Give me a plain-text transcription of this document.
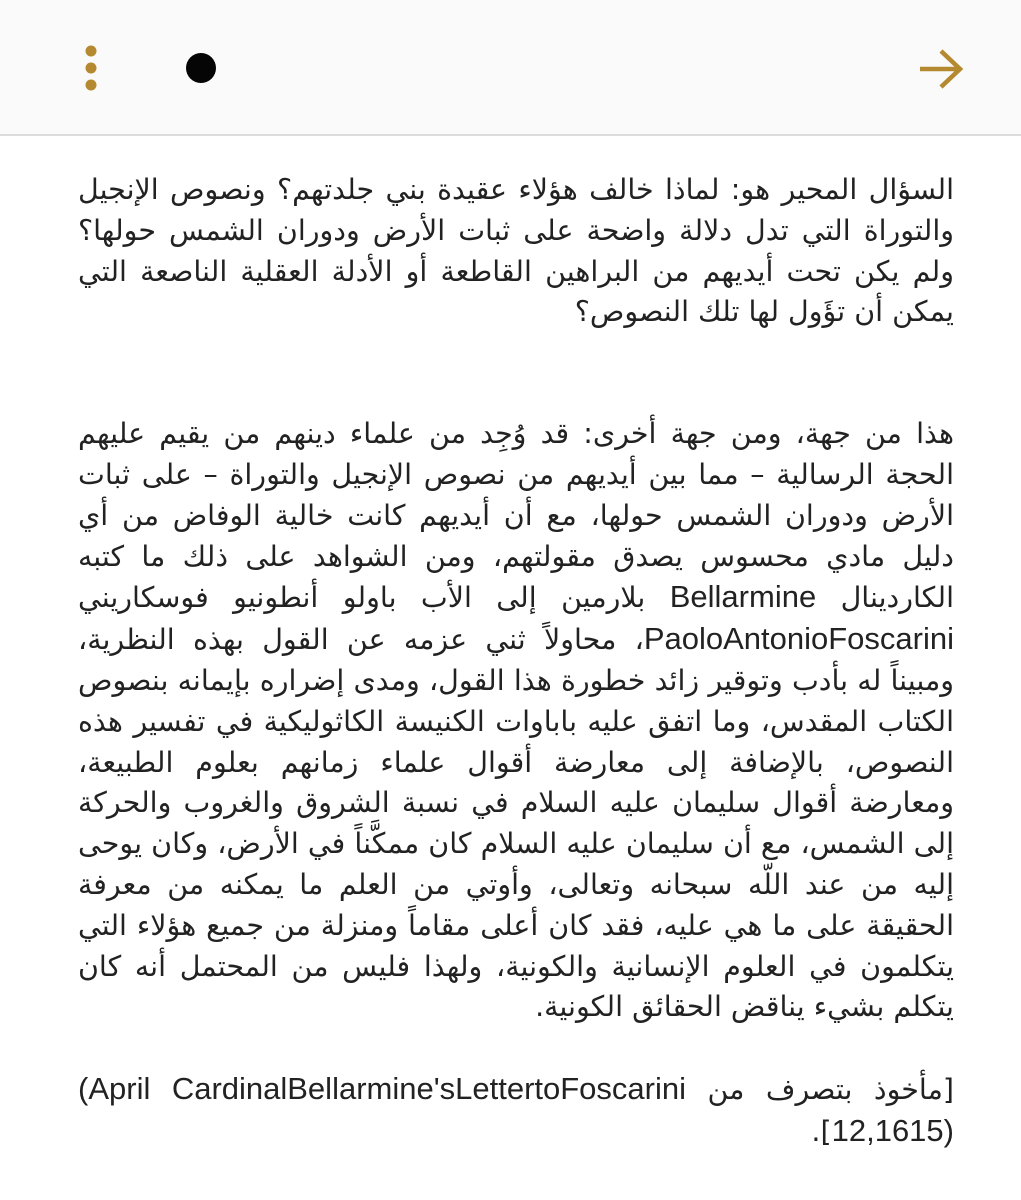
السؤال المحير هو: لماذا خالف هؤلاء عقيدة بني جلدتهم؟ ونصوص الإنجيل والتوراة التي تدل دلالة واضحة على ثبات الأرض ودوران الشمس حولها؟ ولم يكن تحت أيديهم من البراهين القاطعة أو الأدلة العقلية الناصعة التي يمكن أن تؤَول لها تلك النصوص؟

هذا من جهة، ومن جهة أخرى: قد وُجِد من علماء دينهم من يقيم عليهم الحجة الرسالية – مما بين أيديهم من نصوص الإنجيل والتوراة – على ثبات الأرض ودوران الشمس حولها، مع أن أيديهم كانت خالية الوفاض من أي دليل مادي محسوس يصدق مقولتهم، ومن الشواهد على ذلك ما كتبه الكاردينال Bellarmine بلارمين إلى الأب باولو أنطونيو فوسكاريني PaoloAntonioFoscarini، محاولاً ثني عزمه عن القول بهذه النظرية، ومبيناً له بأدب وتوقير زائد خطورة هذا القول، ومدى إضراره بإيمانه بنصوص الكتاب المقدس، وما اتفق عليه باباوات الكنيسة الكاثوليكية في تفسير هذه النصوص، بالإضافة إلى معارضة أقوال علماء زمانهم بعلوم الطبيعة، ومعارضة أقوال سليمان عليه السلام في نسبة الشروق والغروب والحركة إلى الشمس، مع أن سليمان عليه السلام كان ممكَّناً في الأرض، وكان يوحى إليه من عند اللّه سبحانه وتعالى، وأوتي من العلم ما يمكنه من معرفة الحقيقة على ما هي عليه، فقد كان أعلى مقاماً ومنزلة من جميع هؤلاء التي يتكلمون في العلوم الإنسانية والكونية، ولهذا فليس من المحتمل أنه كان يتكلم بشيء يناقض الحقائق الكونية.

[مأخوذ بتصرف من CardinalBellarmine'sLettertoFoscarini (April 12,1615)].
